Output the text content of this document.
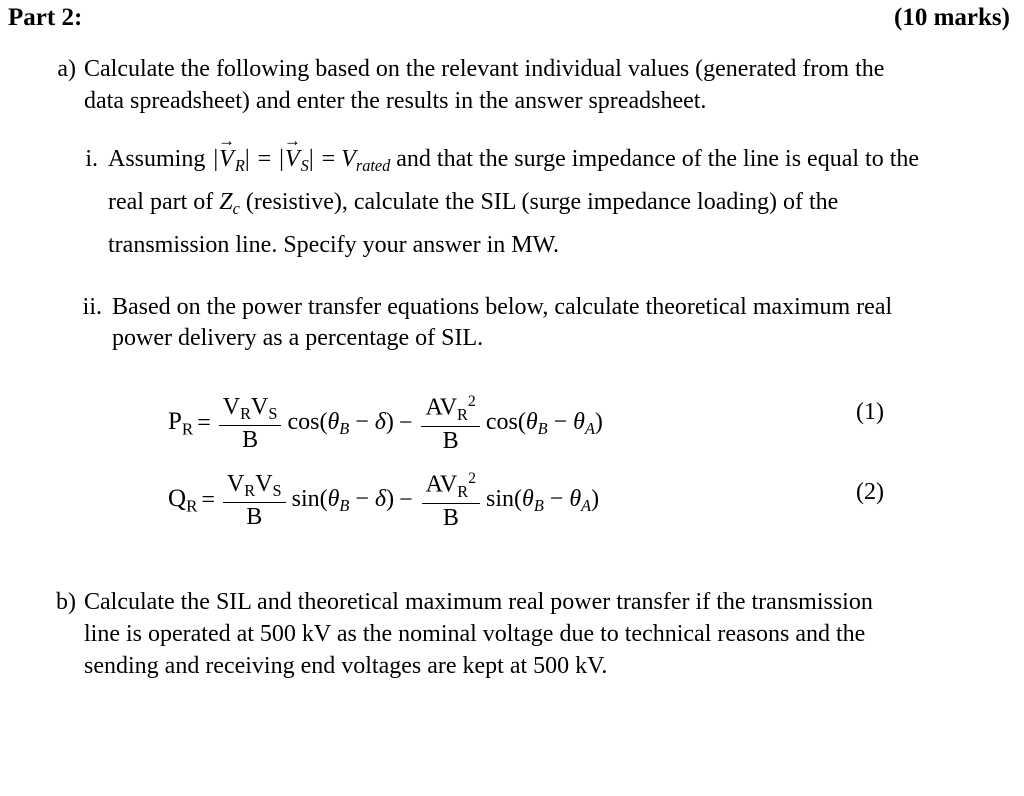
Part 2:	(10 marks)
a) Calculate the following based on the relevant individual values (generated from the
data spreadsheet) and enter the results in the answer spreadsheet.
i. Assuming |
→
$V_R|$ = |
→
$V_S| = V_{rated}$ and that the surge impedance of the line is equal to the
real part of $Z_c$ (resistive), calculate the SIL (surge impedance loading) of the
transmission line. Specify your answer in MW.
ii. Based on the power transfer equations below, calculate theoretical maximum real
power delivery as a percentage of SIL.
$P_R = \frac{V_RV_S}{B} \cos(\theta_B - \delta) - \frac{AV_R^2}{B} \cos(\theta_B - \theta_A)$	(1)
$Q_R = \frac{V_RV_S}{B} \sin(\theta_B - \delta) - \frac{AV_R^2}{B} \sin(\theta_B - \theta_A)$	(2)
b) Calculate the SIL and theoretical maximum real power transfer if the transmission
line is operated at 500 kV as the nominal voltage due to technical reasons and the
sending and receiving end voltages are kept at 500 kV.
